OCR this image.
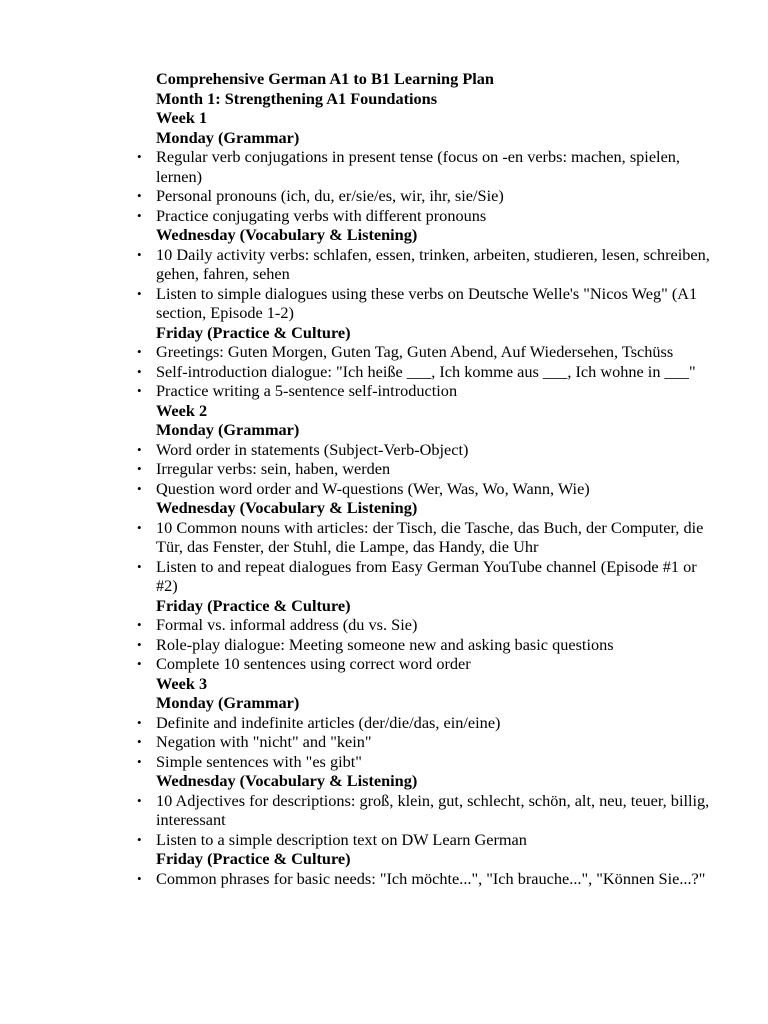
Comprehensive German A1 to B1 Learning Plan

Month 1: Strengthening A1 Foundations

Week 1

Monday (Grammar)

• Regular verb conjugations in present tense (focus on -en verbs: machen, spielen, lernen)
• Personal pronouns (ich, du, er/sie/es, wir, ihr, sie/Sie)
• Practice conjugating verbs with different pronouns

Wednesday (Vocabulary & Listening)

• 10 Daily activity verbs: schlafen, essen, trinken, arbeiten, studieren, lesen, schreiben, gehen, fahren, sehen
• Listen to simple dialogues using these verbs on Deutsche Welle's "Nicos Weg" (A1 section, Episode 1-2)

Friday (Practice & Culture)

• Greetings: Guten Morgen, Guten Tag, Guten Abend, Auf Wiedersehen, Tschüss
• Self-introduction dialogue: "Ich heiße ___, Ich komme aus ___, Ich wohne in ___"
• Practice writing a 5-sentence self-introduction

Week 2

Monday (Grammar)

• Word order in statements (Subject-Verb-Object)
• Irregular verbs: sein, haben, werden
• Question word order and W-questions (Wer, Was, Wo, Wann, Wie)

Wednesday (Vocabulary & Listening)

• 10 Common nouns with articles: der Tisch, die Tasche, das Buch, der Computer, die Tür, das Fenster, der Stuhl, die Lampe, das Handy, die Uhr
• Listen to and repeat dialogues from Easy German YouTube channel (Episode #1 or #2)

Friday (Practice & Culture)

• Formal vs. informal address (du vs. Sie)
• Role-play dialogue: Meeting someone new and asking basic questions
• Complete 10 sentences using correct word order

Week 3

Monday (Grammar)

• Definite and indefinite articles (der/die/das, ein/eine)
• Negation with "nicht" and "kein"
• Simple sentences with "es gibt"

Wednesday (Vocabulary & Listening)

• 10 Adjectives for descriptions: groß, klein, gut, schlecht, schön, alt, neu, teuer, billig, interessant
• Listen to a simple description text on DW Learn German

Friday (Practice & Culture)

• Common phrases for basic needs: "Ich möchte...", "Ich brauche...", "Können Sie...?"
